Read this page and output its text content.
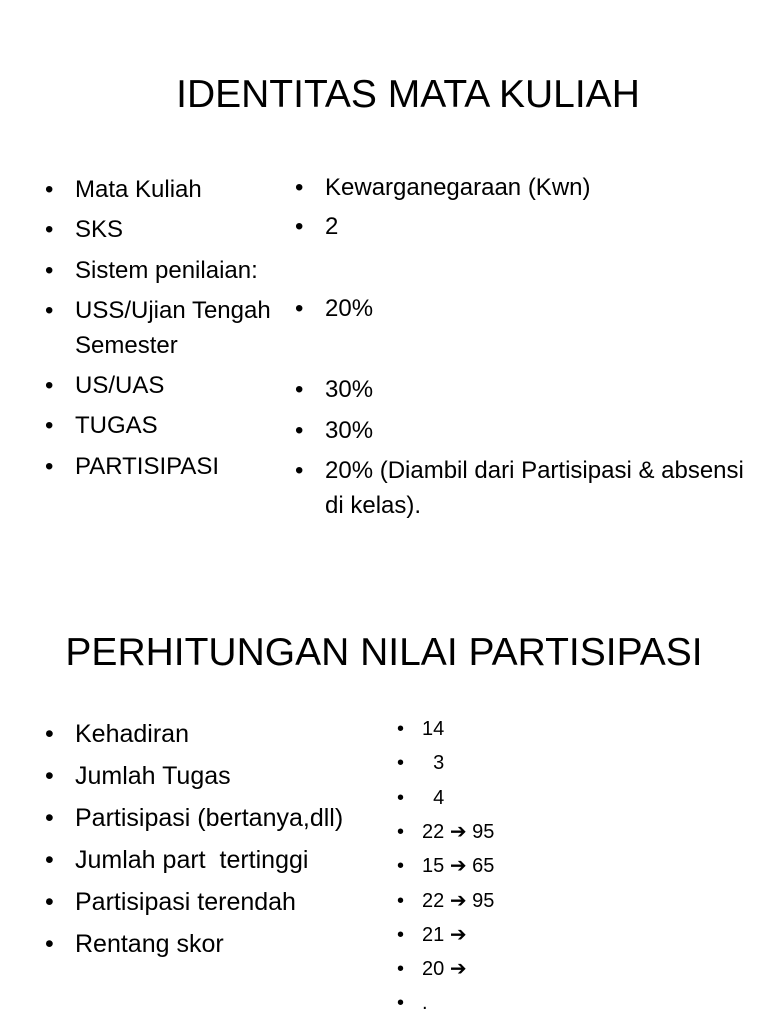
IDENTITAS MATA KULIAH
• Mata Kuliah
• SKS
• Sistem penilaian:
• USS/Ujian Tengah
Semester
• US/UAS
• TUGAS
• PARTISIPASI
• Kewarganegaraan (Kwn)
• 2
• 20%
• 30%
• 30%
• 20% (Diambil dari Partisipasi & absensi di kelas).
PERHITUNGAN NILAI PARTISIPASI
• Kehadiran
• Jumlah Tugas
• Partisipasi (bertanya,dll)
• Jumlah part  tertinggi
• Partisipasi terendah
• Rentang skor
• 14
• 3
• 4
• 22 ➔ 95
• 15 ➔ 65
• 22 ➔ 95
• 21 ➔
• 20 ➔
• .
